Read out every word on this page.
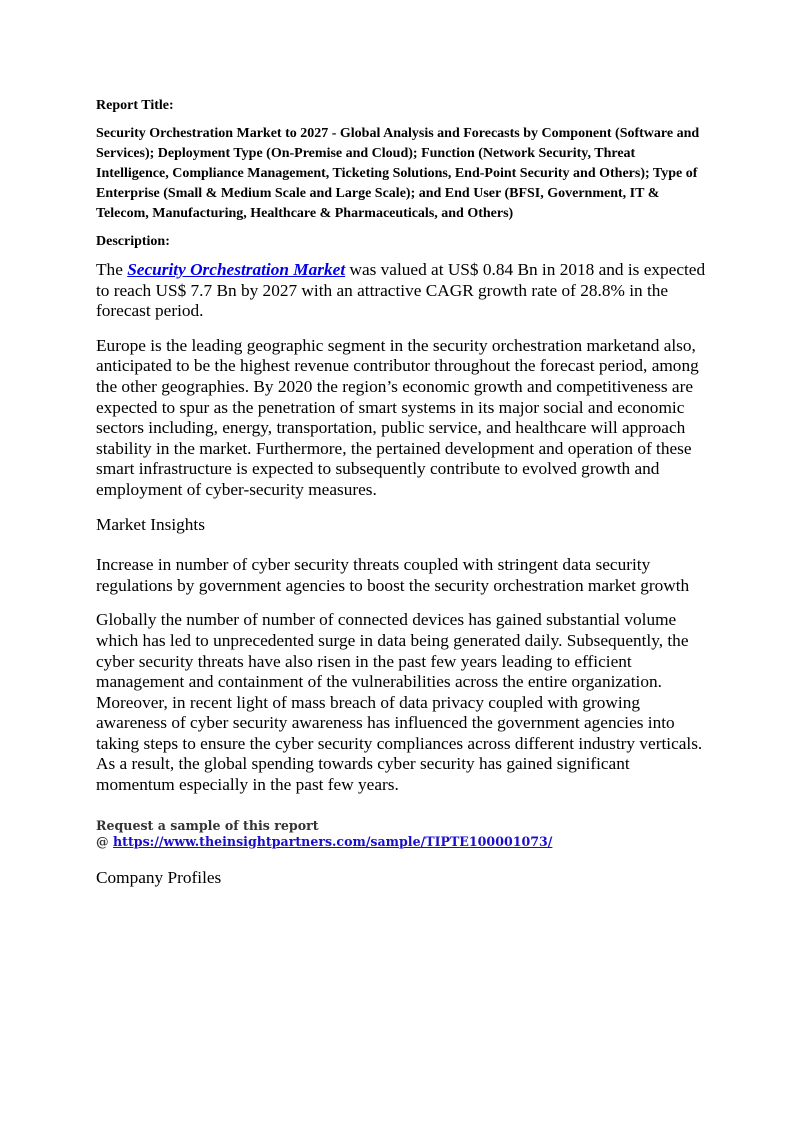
Report Title:

Security Orchestration Market to 2027 - Global Analysis and Forecasts by Component (Software and Services); Deployment Type (On-Premise and Cloud); Function (Network Security, Threat Intelligence, Compliance Management, Ticketing Solutions, End-Point Security and Others); Type of Enterprise (Small & Medium Scale and Large Scale); and End User (BFSI, Government, IT & Telecom, Manufacturing, Healthcare & Pharmaceuticals, and Others)

Description:

The Security Orchestration Market was valued at US$ 0.84 Bn in 2018 and is expected to reach US$ 7.7 Bn by 2027 with an attractive CAGR growth rate of 28.8% in the forecast period.

Europe is the leading geographic segment in the security orchestration marketand also, anticipated to be the highest revenue contributor throughout the forecast period, among the other geographies. By 2020 the region’s economic growth and competitiveness are expected to spur as the penetration of smart systems in its major social and economic sectors including, energy, transportation, public service, and healthcare will approach stability in the market. Furthermore, the pertained development and operation of these smart infrastructure is expected to subsequently contribute to evolved growth and employment of cyber-security measures.

Market Insights

Increase in number of cyber security threats coupled with stringent data security regulations by government agencies to boost the security orchestration market growth

Globally the number of number of connected devices has gained substantial volume which has led to unprecedented surge in data being generated daily. Subsequently, the cyber security threats have also risen in the past few years leading to efficient management and containment of the vulnerabilities across the entire organization. Moreover, in recent light of mass breach of data privacy coupled with growing awareness of cyber security awareness has influenced the government agencies into taking steps to ensure the cyber security compliances across different industry verticals. As a result, the global spending towards cyber security has gained significant momentum especially in the past few years.

Request a sample of this report
@ https://www.theinsightpartners.com/sample/TIPTE100001073/

Company Profiles
